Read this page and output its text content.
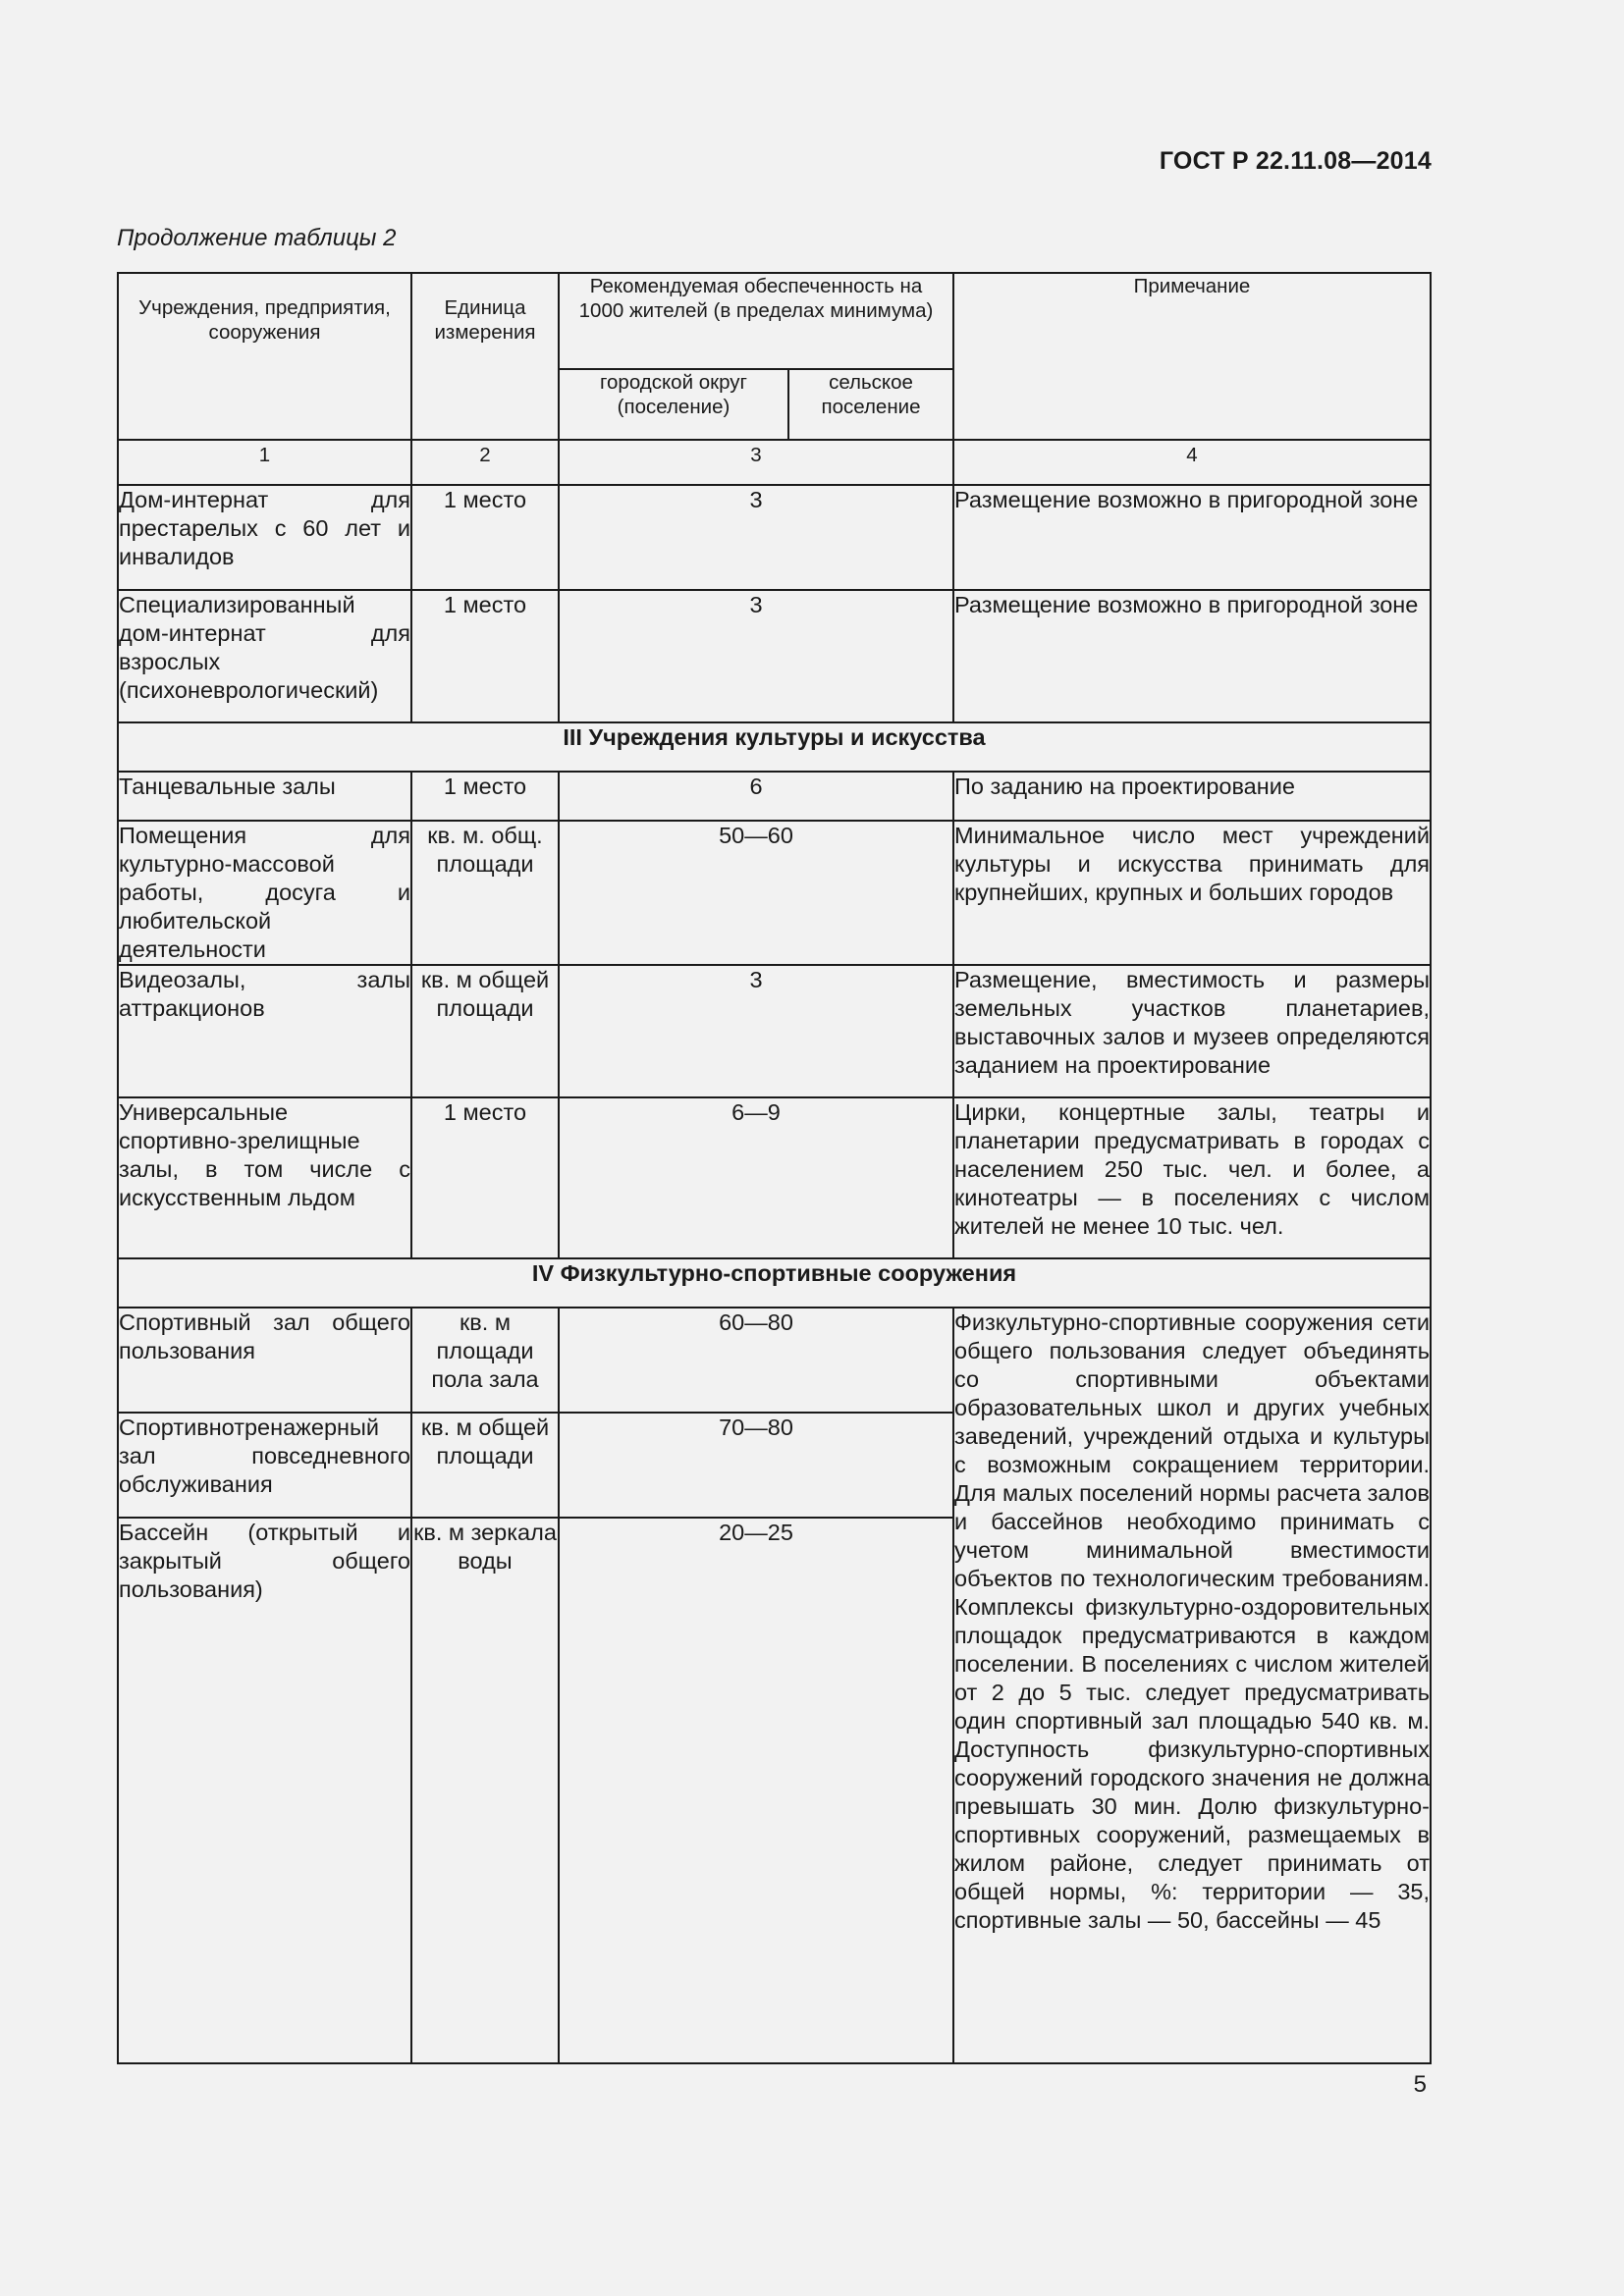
ГОСТ Р 22.11.08—2014
Продолжение таблицы 2
Учреждения, предприятия, сооружения	Единица измерения	Рекомендуемая обеспеченность на 1000 жителей (в пределах минимума)		Примечание

		городской округ (поселение)	сельское поселение	

1	2	3		4
Дом-интернат для престарелых с 60 лет и инвалидов	1 место	3		Размещение возможно в пригородной зоне
Специализированный дом-интернат для взрослых (психоневрологический)	1 место	3		Размещение возможно в пригородной зоне
III Учреждения культуры и искусства				
Танцевальные залы	1 место	6		По заданию на проектирование
Помещения для культурно-массовой работы, досуга и любительской деятельности	кв. м. общ. площади	50—60		Минимальное число мест учреждений культуры и искусства принимать для крупнейших, крупных и больших городов
Видеозалы, залы аттракционов	кв. м общей площади	3		Размещение, вместимость и размеры земельных участков планетариев, выставочных залов и музеев определяются заданием на проектирование
Универсальные спортивно-зрелищные залы, в том числе с искусственным льдом	1 место	6—9		Цирки, концертные залы, театры и планетарии предусматривать в городах с населением 250 тыс. чел. и более, а кинотеатры — в поселениях с числом жителей не менее 10 тыс. чел.
IV Физкультурно-спортивные сооружения				
Спортивный зал общего пользования	кв. м площади пола зала	60—80		Физкультурно-спортивные сооружения сети общего пользования следует объединять со спортивными объектами образовательных школ и других учебных заведений, учреждений отдыха и культуры с возможным сокращением территории. Для малых поселений нормы расчета залов и бассейнов необходимо принимать с учетом минимальной вместимости объектов по технологическим требованиям. Комплексы физкультурно-оздоровительных площадок предусматриваются в каждом поселении. В поселениях с числом жителей от 2 до 5 тыс. следует предусматривать один спортивный зал площадью 540 кв. м. Доступность физкультурно-спортивных сооружений городского значения не должна превышать 30 мин. Долю физкультурно-спортивных сооружений, размещаемых в жилом районе, следует принимать от общей нормы, %: территории — 35, спортивные залы — 50, бассейны — 45
Спортивнотренажерный зал повседневного обслуживания	кв. м общей площади	70—80		
Бассейн (открытый и закрытый общего пользования)	кв. м зеркала воды	20—25		
5
